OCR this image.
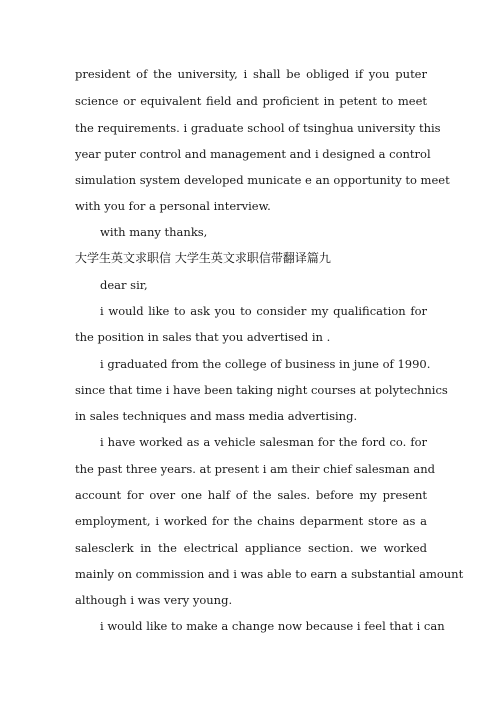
president of the university, i shall be obliged if you puter
science or equivalent field and proficient in petent to meet
the requirements. i graduate school of tsinghua university this
year puter control and management and i designed a control
simulation system developed municate e an opportunity to meet
with you for a personal interview.
with many thanks,
大学生英文求职信 大学生英文求职信带翻译篇九
dear sir,
i would like to ask you to consider my qualification for
the position in sales that you advertised in .
i graduated from the college of business in june of 1990.
since that time i have been taking night courses at polytechnics
in sales techniques and mass media advertising.
i have worked as a vehicle salesman for the ford co. for
the past three years. at present i am their chief salesman and
account for over one half of the sales. before my present
employment, i worked for the chains deparment store as a
salesclerk in the electrical appliance section. we worked
mainly on commission and i was able to earn a substantial amount
although i was very young.
i would like to make a change now because i feel that i can
